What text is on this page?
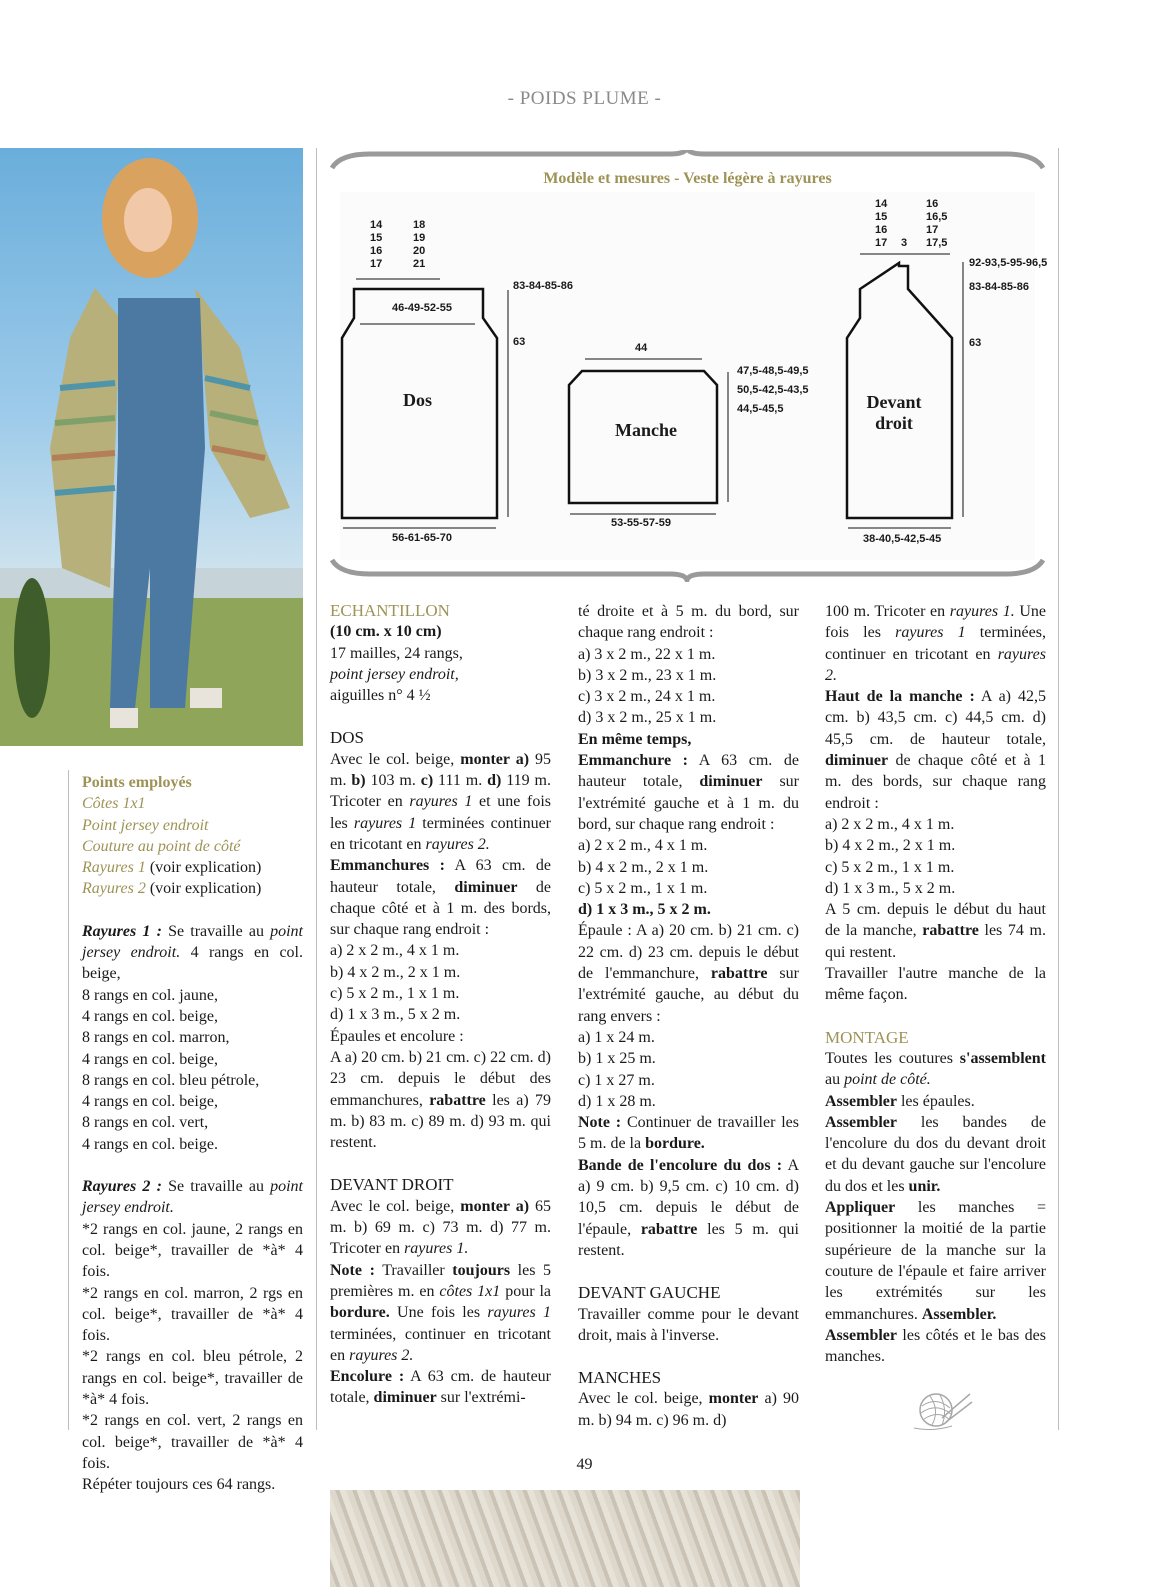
- POIDS PLUME -
Modèle et mesures - Veste légère à rayures
14
15
16
17
18
19
20
21
46-49-52-55
83-84-85-86
63
Dos
56-61-65-70
44
47,5-48,5-49,5
50,5-42,5-43,5
44,5-45,5
Manche
53-55-57-59
14
15
16
17 3
16
16,5
17
17,5
92-93,5-95-96,5
83-84-85-86
63
Devant
droit
38-40,5-42,5-45

Points employés

Côtes 1x1

Point jersey endroit

Couture au point de côté

Rayures 1 (voir explication)

Rayures 2 (voir explication)

Rayures 1 : Se travaille au point jersey endroit. 4 rangs en col. beige,

8 rangs en col. jaune,

4 rangs en col. beige,

8 rangs en col. marron,

4 rangs en col. beige,

8 rangs en col. bleu pétrole,

4 rangs en col. beige,

8 rangs en col. vert,

4 rangs en col. beige.

Rayures 2 : Se travaille au point jersey endroit.

*2 rangs en col. jaune, 2 rangs en col. beige*, travailler de *à* 4 fois.

*2 rangs en col. marron, 2 rgs en col. beige*, travailler de *à* 4 fois.

*2 rangs en col. bleu pétrole, 2 rangs en col. beige*, travailler de *à* 4 fois.

*2 rangs en col. vert, 2 rangs en col. beige*, travailler de *à* 4 fois.

Répéter toujours ces 64 rangs.

ECHANTILLON

(10 cm. x 10 cm)

17 mailles, 24 rangs,

point jersey endroit,

aiguilles n° 4 ½

DOS

Avec le col. beige, monter a) 95 m. b) 103 m. c) 111 m. d) 119 m. Tricoter en rayures 1 et une fois les rayures 1 terminées continuer en tricotant en rayures 2.

Emmanchures : A 63 cm. de hauteur totale, diminuer de chaque côté et à 1 m. des bords, sur chaque rang endroit :

a) 2 x 2 m., 4 x 1 m.

b) 4 x 2 m., 2 x 1 m.

c) 5 x 2 m., 1 x 1 m.

d) 1 x 3 m., 5 x 2 m.

Épaules et encolure :

A a) 20 cm. b) 21 cm. c) 22 cm. d) 23 cm. depuis le début des emmanchures, rabattre les a) 79 m. b) 83 m. c) 89 m. d) 93 m. qui restent.

DEVANT DROIT

Avec le col. beige, monter a) 65 m. b) 69 m. c) 73 m. d) 77 m. Tricoter en rayures 1.

Note : Travailler toujours les 5 premières m. en côtes 1x1 pour la bordure. Une fois les rayures 1 terminées, continuer en tricotant en rayures 2.

Encolure : A 63 cm. de hauteur totale, diminuer sur l'extrémi-

té droite et à 5 m. du bord, sur chaque rang endroit :

a) 3 x 2 m., 22 x 1 m.

b) 3 x 2 m., 23 x 1 m.

c) 3 x 2 m., 24 x 1 m.

d) 3 x 2 m., 25 x 1 m.

En même temps,

Emmanchure : A 63 cm. de hauteur totale, diminuer sur l'extrémité gauche et à 1 m. du bord, sur chaque rang endroit :

a) 2 x 2 m., 4 x 1 m.

b) 4 x 2 m., 2 x 1 m.

c) 5 x 2 m., 1 x 1 m.

d) 1 x 3 m., 5 x 2 m.

Épaule : A a) 20 cm. b) 21 cm. c) 22 cm. d) 23 cm. depuis le début de l'emmanchure, rabattre sur l'extrémité gauche, au début du rang envers :

a) 1 x 24 m.

b) 1 x 25 m.

c) 1 x 27 m.

d) 1 x 28 m.

Note : Continuer de travailler les 5 m. de la bordure.

Bande de l'encolure du dos : A a) 9 cm. b) 9,5 cm. c) 10 cm. d) 10,5 cm. depuis le début de l'épaule, rabattre les 5 m. qui restent.

DEVANT GAUCHE

Travailler comme pour le devant droit, mais à l'inverse.

MANCHES

Avec le col. beige, monter a) 90 m. b) 94 m. c) 96 m. d)

100 m. Tricoter en rayures 1. Une fois les rayures 1 terminées, continuer en tricotant en rayures 2.

Haut de la manche : A a) 42,5 cm. b) 43,5 cm. c) 44,5 cm. d) 45,5 cm. de hauteur totale, diminuer de chaque côté et à 1 m. des bords, sur chaque rang endroit :

a) 2 x 2 m., 4 x 1 m.

b) 4 x 2 m., 2 x 1 m.

c) 5 x 2 m., 1 x 1 m.

d) 1 x 3 m., 5 x 2 m.

A 5 cm. depuis le début du haut de la manche, rabattre les 74 m. qui restent.

Travailler l'autre manche de la même façon.

MONTAGE

Toutes les coutures s'assemblent au point de côté.

Assembler les épaules.

Assembler les bandes de l'encolure du dos du devant droit et du devant gauche sur l'encolure du dos et les unir.

Appliquer les manches = positionner la moitié de la partie supérieure de la manche sur la couture de l'épaule et faire arriver les extrémités sur les emmanchures. Assembler.

Assembler les côtés et le bas des manches.

49
